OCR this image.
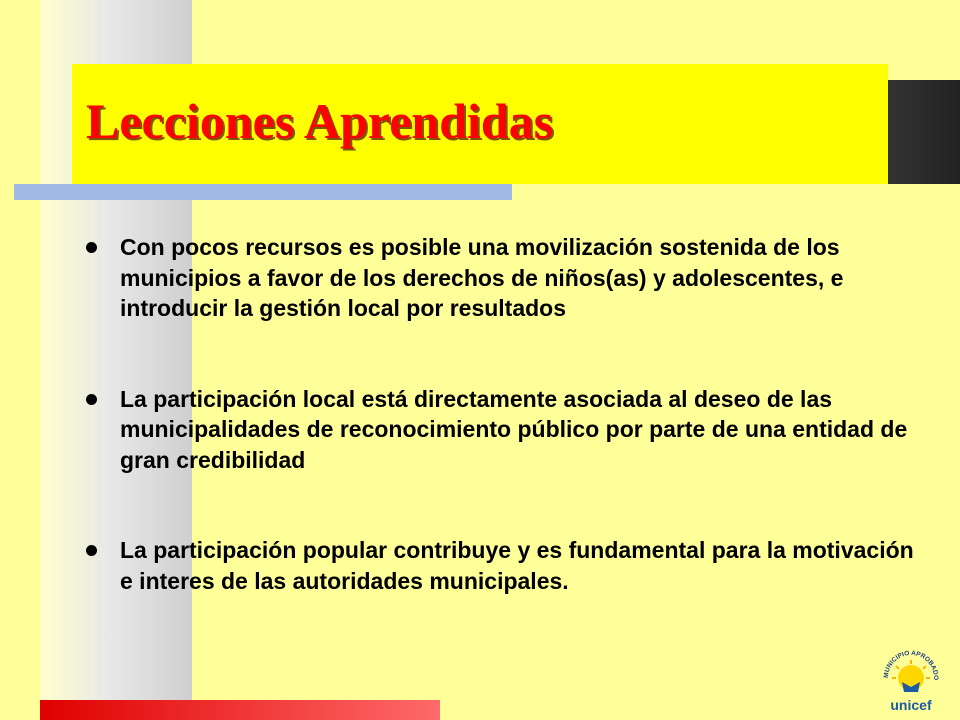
Lecciones Aprendidas
Con pocos recursos es posible una movilización sostenida de los municipios a favor de los derechos de niños(as) y adolescentes, e introducir la gestión local por resultados
La participación local está directamente asociada al deseo de las municipalidades de reconocimiento público por parte de una entidad de gran credibilidad
La participación popular contribuye y es fundamental para la motivación e interes de las autoridades municipales.
MUNICIPIO APROBADO
unicef
